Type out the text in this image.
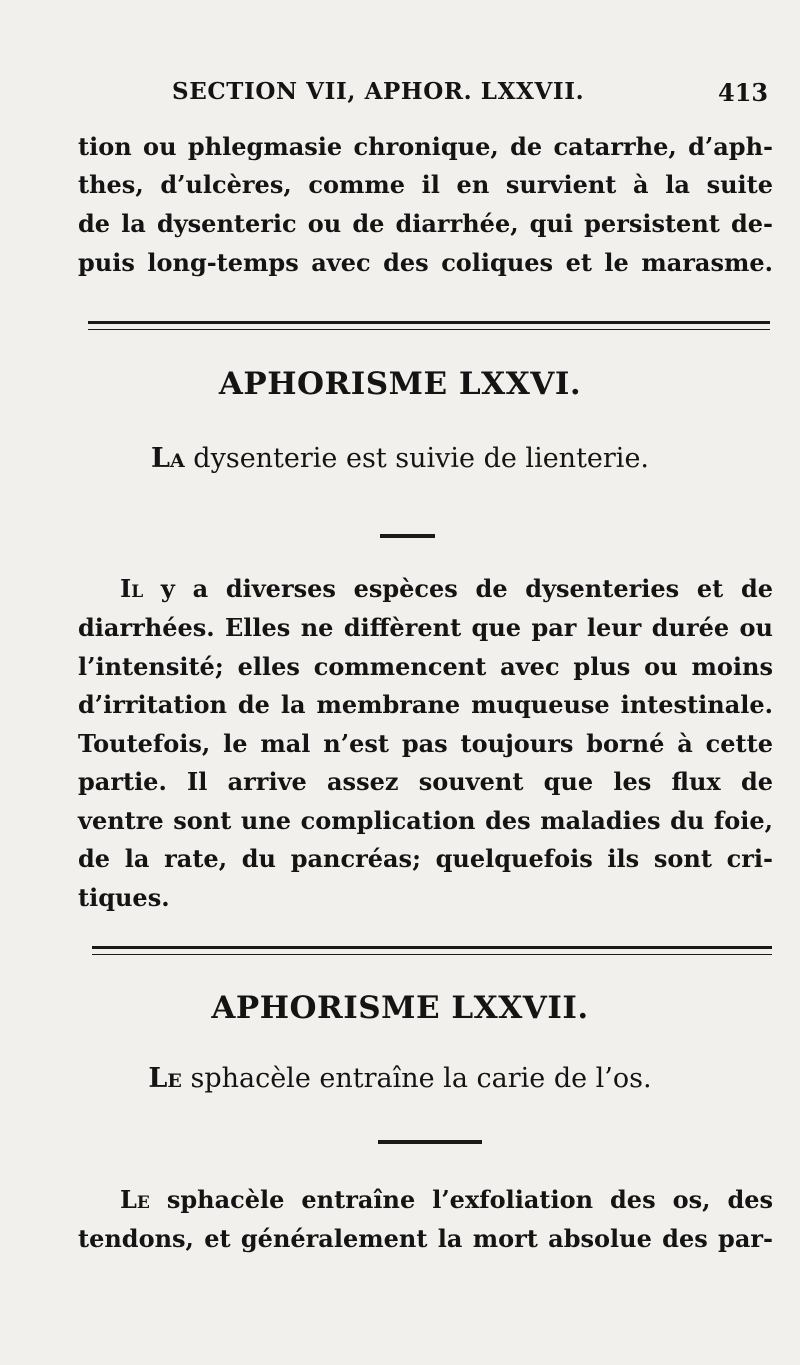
SECTION VII, APHOR. LXXVII.	413
tion ou phlegmasie chronique, de catarrhe, d’aph-
thes, d’ulcères, comme il en survient à la suite
de la dysenteric ou de diarrhée, qui persistent de-
puis long-temps avec des coliques et le marasme.
APHORISME LXXVI.
La dysenterie est suivie de lienterie.
Il y a diverses espèces de dysenteries et de
diarrhées. Elles ne diffèrent que par leur durée ou
l’intensité; elles commencent avec plus ou moins
d’irritation de la membrane muqueuse intestinale.
Toutefois, le mal n’est pas toujours borné à cette
partie. Il arrive assez souvent que les flux de
ventre sont une complication des maladies du foie,
de la rate, du pancréas; quelquefois ils sont cri-
tiques.
APHORISME LXXVII.
Le sphacèle entraîne la carie de l’os.
Le sphacèle entraîne l’exfoliation des os, des
tendons, et généralement la mort absolue des par-
